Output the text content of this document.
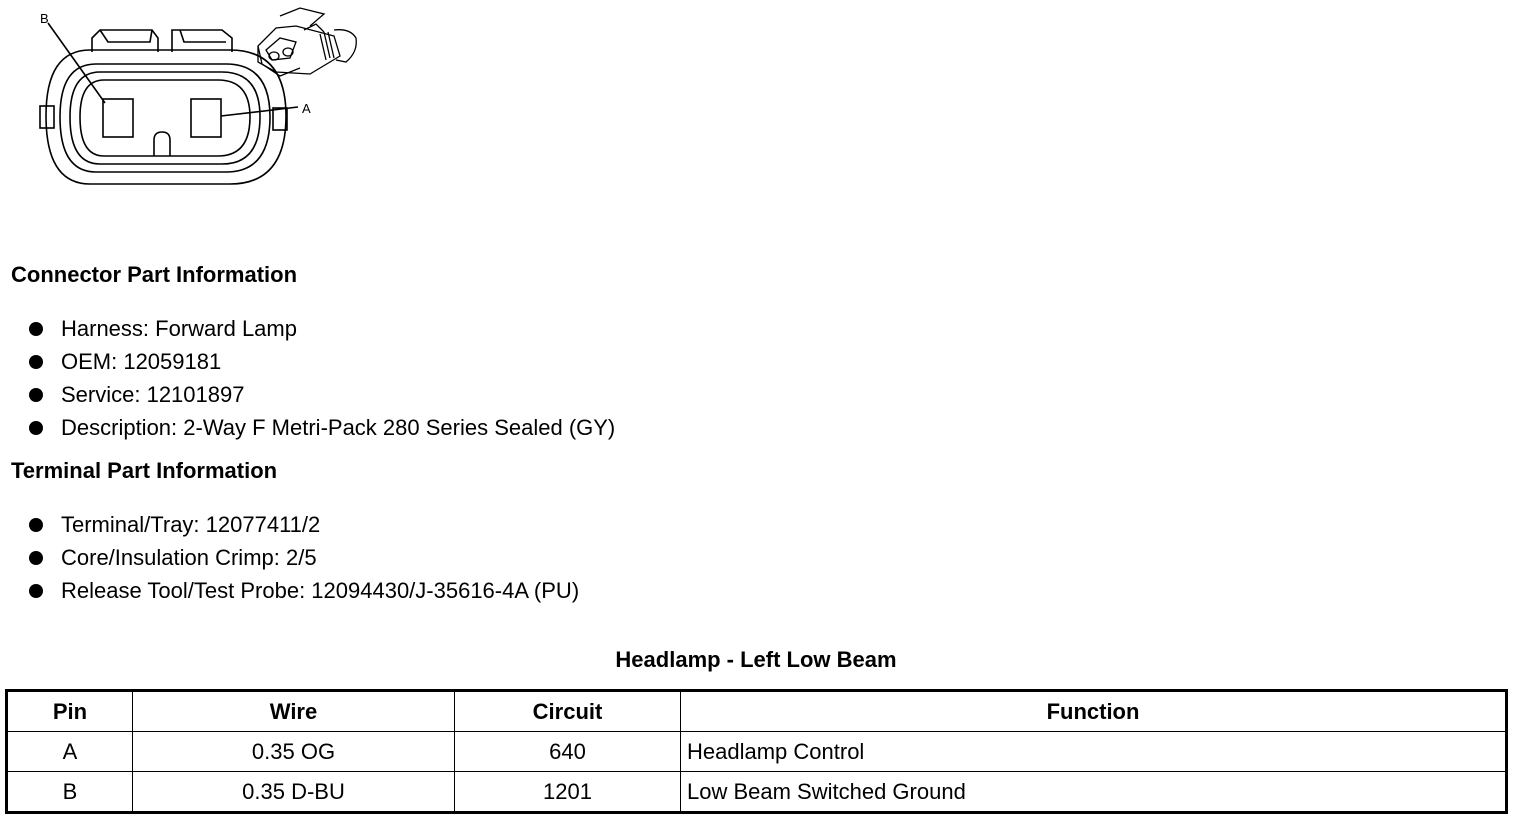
B
A
Connector Part Information
Harness: Forward Lamp
OEM: 12059181
Service: 12101897
Description: 2-Way F Metri-Pack 280 Series Sealed (GY)
Terminal Part Information
Terminal/Tray: 12077411/2
Core/Insulation Crimp: 2/5
Release Tool/Test Probe: 12094430/J-35616-4A (PU)
Headlamp - Left Low Beam
Pin	Wire	Circuit	Function
A	0.35 OG	640	Headlamp Control
B	0.35 D-BU	1201	Low Beam Switched Ground
